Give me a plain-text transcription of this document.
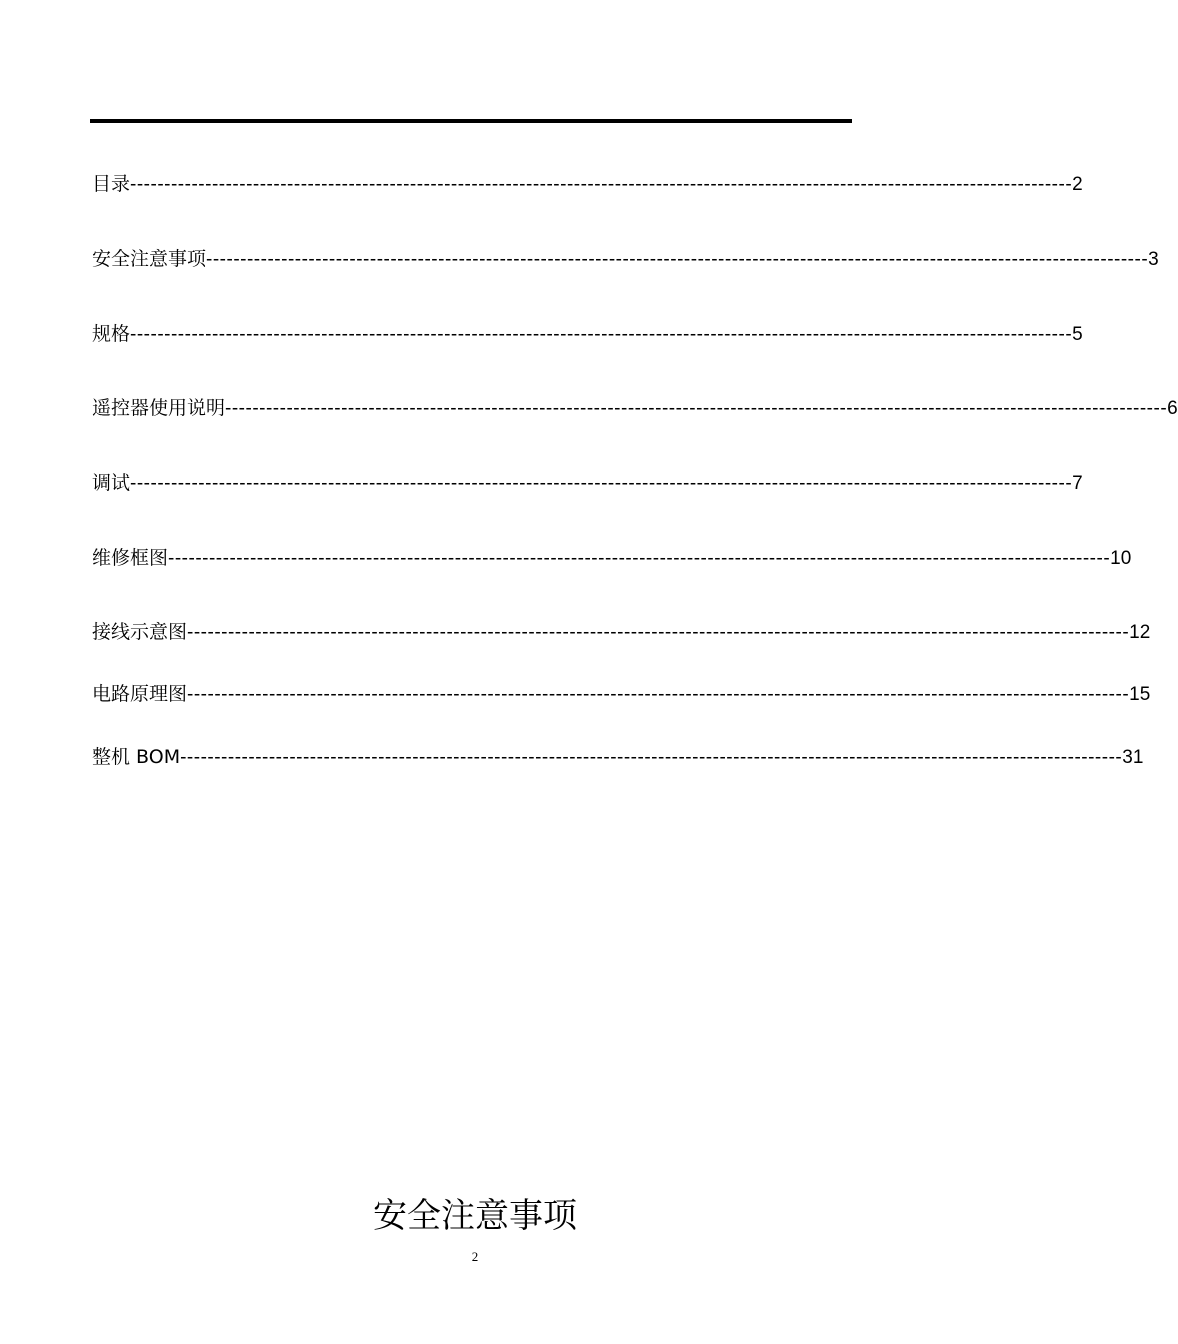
目录 ------------------------------------------------------------------------------------------------------------------------------------------ 2
安全注意事项 ------------------------------------------------------------------------------------------------------------------------------------------ 3
规格 ------------------------------------------------------------------------------------------------------------------------------------------ 5
遥控器使用说明 ------------------------------------------------------------------------------------------------------------------------------------------ 6
调试 ------------------------------------------------------------------------------------------------------------------------------------------ 7
维修框图 ------------------------------------------------------------------------------------------------------------------------------------------ 10
接线示意图 ------------------------------------------------------------------------------------------------------------------------------------------ 12
电路原理图 ------------------------------------------------------------------------------------------------------------------------------------------ 15
整机 BOM ------------------------------------------------------------------------------------------------------------------------------------------ 31
安全注意事项
2
